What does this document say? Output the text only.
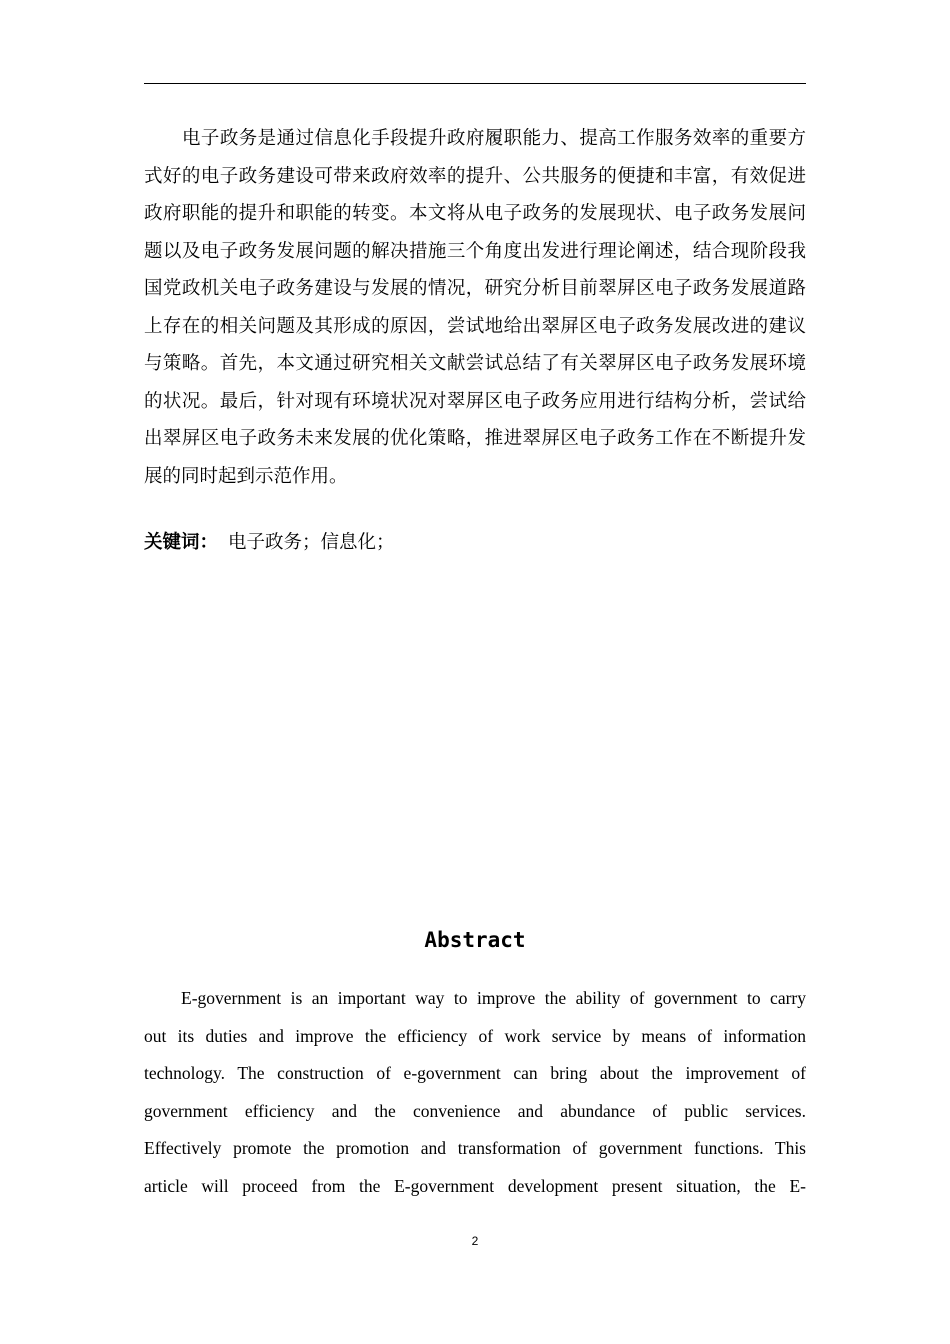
电子政务是通过信息化手段提升政府履职能力、提高工作服务效率的重要方
式好的电子政务建设可带来政府效率的提升、公共服务的便捷和丰富，有效促进
政府职能的提升和职能的转变。本文将从电子政务的发展现状、电子政务发展问
题以及电子政务发展问题的解决措施三个角度出发进行理论阐述，结合现阶段我
国党政机关电子政务建设与发展的情况，研究分析目前翠屏区电子政务发展道路
上存在的相关问题及其形成的原因，尝试地给出翠屏区电子政务发展改进的建议
与策略。首先，本文通过研究相关文献尝试总结了有关翠屏区电子政务发展环境
的状况。最后，针对现有环境状况对翠屏区电子政务应用进行结构分析，尝试给
出翠屏区电子政务未来发展的优化策略，推进翠屏区电子政务工作在不断提升发
展的同时起到示范作用。
关键词： 电子政务；信息化；
Abstract
E-government is an important way to improve the ability of government to carry
out its duties and improve the efficiency of work service by means of information
technology. The construction of e-government can bring about the improvement of
government efficiency and the convenience and abundance of public services.
Effectively promote the promotion and transformation of government functions. This
article will proceed from the E-government development present situation, the E-
2
